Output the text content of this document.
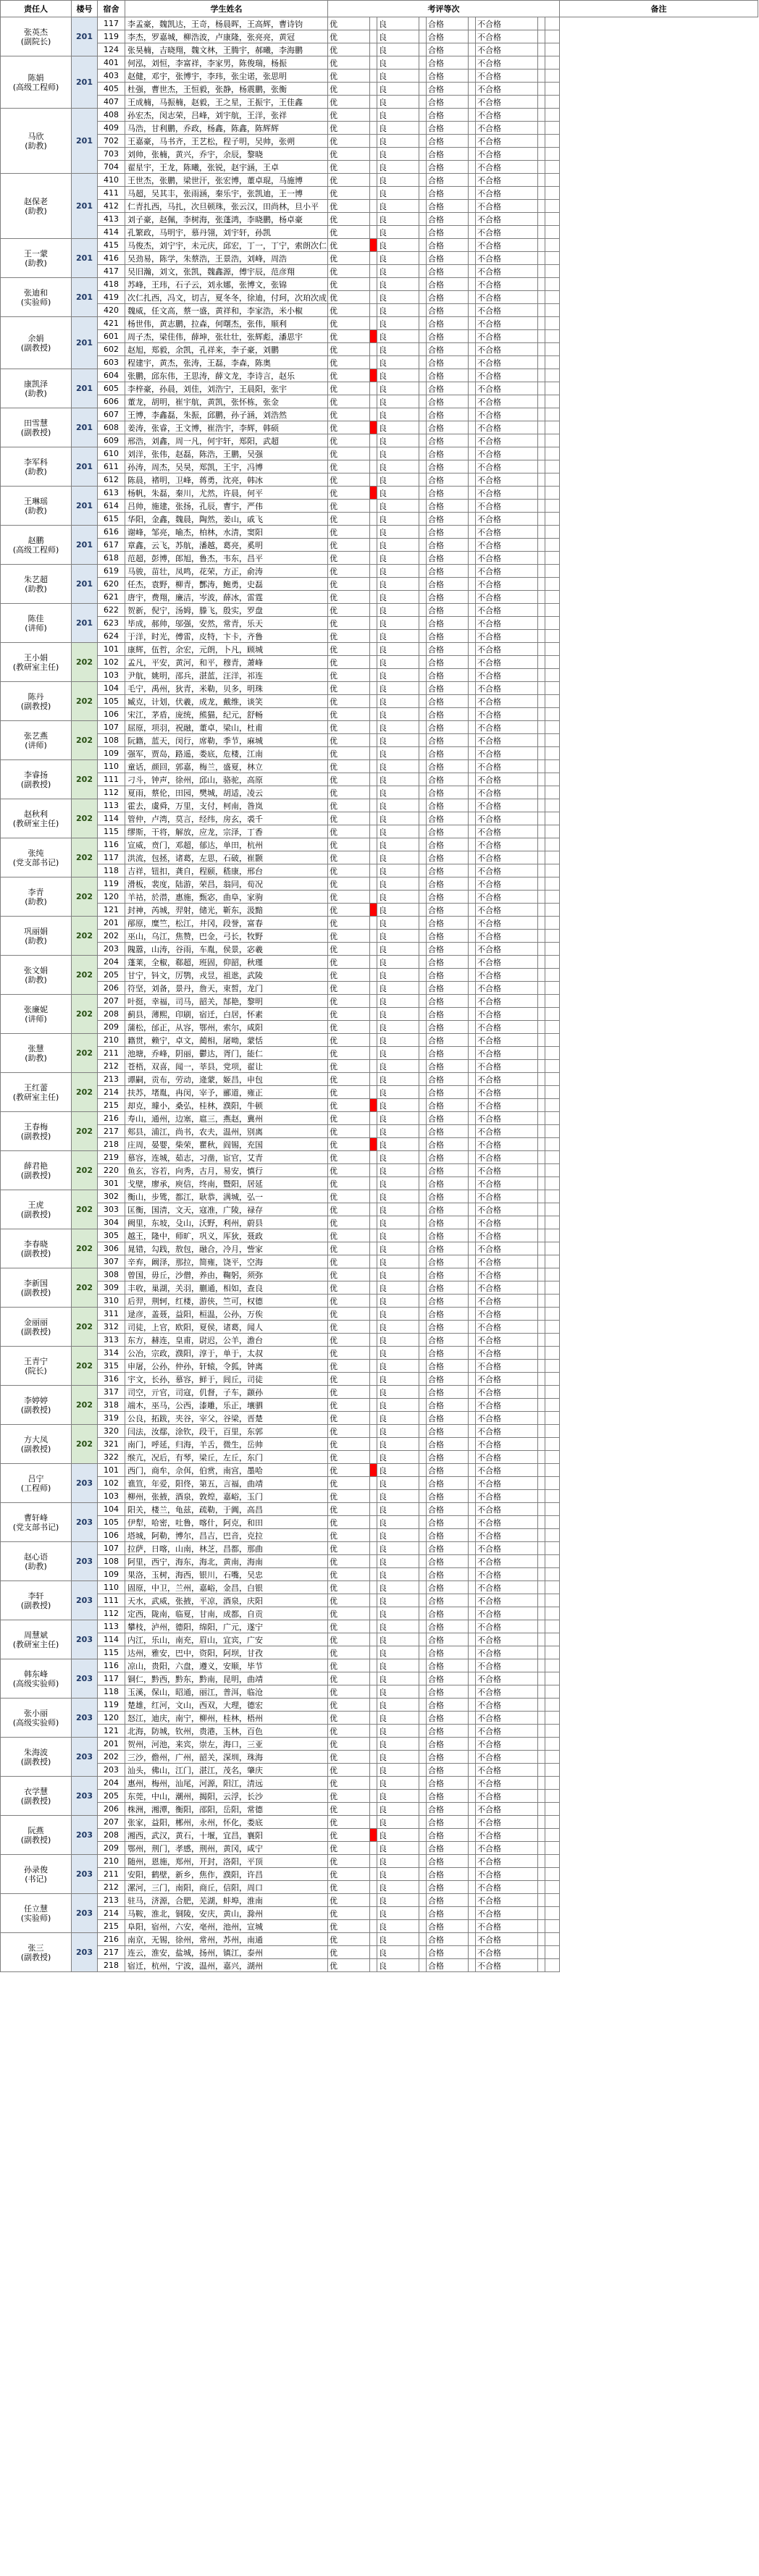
责任人	楼号	宿舍	学生姓名	考评等次									备注
张英杰
(副院长)	201	117	李孟豪，魏凯达，王奇，杨晨晖，王高辉，曹诗钧	优		良		合格		不合格			
		119	李杰，罗嘉城，柳浩波，卢康隆，张亮亮，黄冠	优		良		合格		不合格			
		124	张昊楠，吉晓翔，魏文林，王腾宇，郝曦，李海鹏	优		良		合格		不合格			
陈娟
(高级工程师)	201	401	何泓，刘恒，李富祥，李家男，陈俊瑞，杨振	优		良		合格		不合格			
		403	赵健，邓宇，张博宇，李玮，张尘诺，张思明	优		良		合格		不合格			
		405	杜强，曹世杰，王恒毅，张静，杨震鹏，张衡	优		良		合格		不合格			
		407	王成楠，马振楠，赵毅，王之星，王振宇，王佳鑫	优		良		合格		不合格			
马欣
(助教)	201	408	孙宏杰，闵志荣，吕峰，刘宇航，王洋，张祥	优		良		合格		不合格			
		409	马浩，甘利鹏，乔政，杨鑫，陈鑫，陈辉辉	优		良		合格		不合格			
		702	王嘉豪，马书齐，王艺松，程子明，吴帅，张朔	优		良		合格		不合格			
		703	刘帅，张楠，黄兴，乔宇，余辰，黎晓	优		良		合格		不合格			
		704	翟星宇，王龙，陈曦，张锐，赵宇涵，王卓	优		良		合格		不合格			
赵保老
(助教)	201	410	王世杰，张鹏，梁世汗，张宏博，董卓琨，马施博	优		良		合格		不合格			
		411	马超，吴其丰，张雨涵，秦乐宇，张凯迪，王一博	优		良		合格		不合格			
		412	仁青扎西，马扎，次旦顿珠，张云汉，田尚林，旦小平	优		良		合格		不合格			
		413	刘子豪，赵佩，李树海，张蓬鸿，李晓鹏，杨卓豪	优		良		合格		不合格			
		414	孔繁政，马明宇，慕丹翎，刘宇轩，孙凯	优		良		合格		不合格			
王一蒙
(助教)	201	415	马俊杰，刘宁宇，未元庆，邱宏，丁一，丁宁，索朗次仁	优		良		合格		不合格			
		416	吴劲易，陈学，朱蔡浩，王景浩，刘峰，周浩	优		良		合格		不合格			
		417	吴旧瀚，刘文，张凯，魏鑫源，傅宇辰，范彦翔	优		良		合格		不合格			
张迪和
(实验师)	201	418	苏峰，王玮，石子云，刘永娜，张博文，张锦	优		良		合格		不合格			
		419	次仁扎西，冯文，切吉，夏冬冬，徐迪，付珂，次珀次成	优		良		合格		不合格			
		420	魏威，任文高，蔡一盛，黄祥和，李家浩，米小椒	优		良		合格		不合格			
余娟
(副教授)	201	421	杨世伟，黄志鹏，拉森，何曙杰，张伟，顺利	优		良		合格		不合格			
		601	周子杰，梁佳伟，薛坤，张壮壮，张辉彪，潘思宇	优		良		合格		不合格			
		602	赵旭，郑毅，余凯，孔祥来，李子豪，刘鹏	优		良		合格		不合格			
		603	程建宇，黄杰，张涛，王磊，李森，陈奥	优		良		合格		不合格			
康凯泽
(助教)	201	604	张鹏，邱东伟，王思涛，薛文龙，李诗言，赵乐	优		良		合格		不合格			
		605	李梓豪，孙晨，刘佳，刘浩宁，王晨阳，张宇	优		良		合格		不合格			
		606	董龙，胡明，崔宇航，黄凯，张怀栋，张金	优		良		合格		不合格			
田雪慧
(副教授)	201	607	王博，李鑫磊，朱振，邱鹏，孙子涵，刘浩然	优		良		合格		不合格			
		608	姜涛，张睿，王文博，崔浩宇，李辉，韩硕	优		良		合格		不合格			
		609	邢浩，刘鑫，周一凡，何宇轩，郑阳，武超	优		良		合格		不合格			
李军科
(助教)	201	610	刘洋，张伟，赵磊，陈浩，王鹏，吴强	优		良		合格		不合格			
		611	孙涛，周杰，吴昊，郑凯，王宇，冯博	优		良		合格		不合格			
		612	陈晨，褚明，卫峰，蒋勇，沈亮，韩冰	优		良		合格		不合格			
王琳瑶
(助教)	201	613	杨帆，朱磊，秦川，尤然，许晨，何平	优		良		合格		不合格			
		614	吕帅，施建，张扬，孔辰，曹宇，严伟	优		良		合格		不合格			
		615	华阳，金鑫，魏晨，陶然，姜山，戚飞	优		良		合格		不合格			
赵鹏
(高级工程师)	201	616	谢峰，邹亮，喻杰，柏林，水清，窦阳	优		良		合格		不合格			
		617	章鑫，云飞，苏航，潘越，葛亮，奚明	优		良		合格		不合格			
		618	范超，彭博，郎旭，鲁杰，韦东，昌平	优		良		合格		不合格			
朱艺超
(助教)	201	619	马骏，苗壮，凤鸣，花荣，方正，俞涛	优		良		合格		不合格			
		620	任杰，袁野，柳青，酆涛，鲍勇，史磊	优		良		合格		不合格			
		621	唐宇，费翔，廉洁，岑波，薛冰，雷霆	优		良		合格		不合格			
陈佳
(讲师)	201	622	贺新，倪宁，汤姆，滕飞，殷实，罗盘	优		良		合格		不合格			
		623	毕成，郝帅，邬强，安然，常青，乐天	优		良		合格		不合格			
		624	于洋，时光，傅雷，皮特，卞卡，齐鲁	优		良		合格		不合格			
王小娟
(教研室主任)	202	101	康辉，伍哲，余宏，元朗，卜凡，顾城	优		良		合格		不合格			
		102	孟凡，平安，黄河，和平，穆青，萧峰	优		良		合格		不合格			
		103	尹航，姚明，邵兵，湛蓝，汪洋，祁连	优		良		合格		不合格			
陈丹
(副教授)	202	104	毛宁，禹州，狄青，米勒，贝多，明珠	优		良		合格		不合格			
		105	臧克，计划，伏羲，成龙，戴维，谈笑	优		良		合格		不合格			
		106	宋江，茅盾，庞统，熊猫，纪元，舒畅	优		良		合格		不合格			
张艺燕
(讲师)	202	107	屈原，项羽，祝融，董卓，梁山，杜甫	优		良		合格		不合格			
		108	阮籍，蓝天，闵行，席勒，季节，麻城	优		良		合格		不合格			
		109	强军，贾岛，路遥，娄底，危楼，江南	优		良		合格		不合格			
李睿扬
(副教授)	202	110	童话，颜回，郭嘉，梅兰，盛夏，林立	优		良		合格		不合格			
		111	刁斗，钟声，徐州，邱山，骆驼，高原	优		良		合格		不合格			
		112	夏雨，蔡伦，田园，樊城，胡适，凌云	优		良		合格		不合格			
赵秋利
(教研室主任)	202	113	霍去，虞舜，万里，支付，柯南，昝岚	优		良		合格		不合格			
		114	管仲，卢湾，莫言，经纬，房玄，裘千	优		良		合格		不合格			
		115	缪斯，干将，解放，应龙，宗泽，丁香	优		良		合格		不合格			
张纯
(党支部书记)	202	116	宣威，贲门，邓超，郁达，单田，杭州	优		良		合格		不合格			
		117	洪流，包拯，诸葛，左思，石破，崔颢	优		良		合格		不合格			
		118	吉祥，钮扣，龚自，程颐，嵇康，邢台	优		良		合格		不合格			
李青
(助教)	202	119	滑板，裴度，陆游，荣昌，翁同，荀况	优		良		合格		不合格			
		120	羊祜，於潜，惠施，甄宓，曲阜，家驹	优		良		合格		不合格			
		121	封神，芮城，羿射，储光，靳东，汲黯	优		良		合格		不合格			
巩丽娟
(助教)	202	201	邴原，糜竺，松江，井冈，段誉，富春	优		良		合格		不合格			
		202	巫山，乌江，焦赞，巴金，弓长，牧野	优		良		合格		不合格			
		203	隗嚣，山涛，谷雨，车胤，侯景，宓羲	优		良		合格		不合格			
张文娟
(助教)	202	204	蓬莱，全椒，郗超，班固，仰韶，秋瑾	优		良		合格		不合格			
		205	甘宁，钭文，厉鹗，戎昱，祖逖，武陵	优		良		合格		不合格			
		206	符坚，刘备，景丹，詹天，束皙，龙门	优		良		合格		不合格			
张廉妮
(讲师)	202	207	叶挺，幸福，司马，韶关，郜艳，黎明	优		良		合格		不合格			
		208	蓟县，薄熙，印刷，宿迁，白居，怀素	优		良		合格		不合格			
		209	蒲松，邰正，从容，鄂州，索尔，咸阳	优		良		合格		不合格			
张慧
(助教)	202	210	籍贯，赖宁，卓文，蔺相，屠呦，蒙恬	优		良		合格		不合格			
		211	池塘，乔峰，阴丽，鬱达，胥门，能仁	优		良		合格		不合格			
		212	苍梧，双喜，闻一，莘县，党项，翟让	优		良		合格		不合格			
王红蕾
(教研室主任)	202	213	谭嗣，贡布，劳动，逄蒙，姬昌，申包	优		良		合格		不合格			
		214	扶苏，堵胤，冉闵，宰予，郦道，雍正	优		良		合格		不合格			
		215	却克，璩小，桑弘，桂林，濮阳，牛顿	优		良		合格		不合格			
王春梅
(副教授)	202	216	寿山，通州，边塞，扈三，燕赵，冀州	优		良		合格		不合格			
		217	郏县，浦江，尚书，农夫，温州，别离	优		良		合格		不合格			
		218	庄周，晏婴，柴荣，瞿秋，阎锡，充国	优		良		合格		不合格			
薛君艳
(副教授)	202	219	慕容，连城，茹志，习凿，宦官，艾青	优		良		合格		不合格			
		220	鱼玄，容若，向秀，古月，易安，慎行	优		良		合格		不合格			
		301	戈壁，廖承，庾信，终南，暨阳，居延	优		良		合格		不合格			
王虎
(副教授)	202	302	衡山，步骘，都江，耿恭，满城，弘一	优		良		合格		不合格			
		303	匡衡，国清，文天，寇准，广陵，禄存	优		良		合格		不合格			
		304	阙里，东坡，殳山，沃野，利州，蔚县	优		良		合格		不合格			
李春晓
(副教授)	202	305	越王，隆中，师旷，巩义，厍狄，聂政	优		良		合格		不合格			
		306	晁错，勾践，敖包，融合，冷月，訾家	优		良		合格		不合格			
		307	辛弃，阚泽，那拉，简雍，饶平，空海	优		良		合格		不合格			
李新国
(副教授)	202	308	曾国，毋丘，沙僧，养由，鞠躬，须弥	优		良		合格		不合格			
		309	丰收，巢湖，关羽，蒯通，相如，查良	优		良		合格		不合格			
		310	后羿，荆轲，红楼，游侠，竺可，权德	优		良		合格		不合格			
金丽丽
(副教授)	202	311	逯彦，盖聂，益阳，桓温，公孙，万俟	优		良		合格		不合格			
		312	司徒，上官，欧阳，夏侯，诸葛，闻人	优		良		合格		不合格			
		313	东方，赫连，皇甫，尉迟，公羊，澹台	优		良		合格		不合格			
王青宁
(院长)	202	314	公冶，宗政，濮阳，淳于，单于，太叔	优		良		合格		不合格			
		315	申屠，公孙，仲孙，轩辕，令狐，钟离	优		良		合格		不合格			
		316	宇文，长孙，慕容，鲜于，闾丘，司徒	优		良		合格		不合格			
李婷婷
(副教授)	202	317	司空，亓官，司寇，仉督，子车，颛孙	优		良		合格		不合格			
		318	端木，巫马，公西，漆雕，乐正，壤驷	优		良		合格		不合格			
		319	公良，拓跋，夹谷，宰父，谷梁，晋楚	优		良		合格		不合格			
方大凤
(副教授)	202	320	闫法，汝鄢，涂钦，段干，百里，东郭	优		良		合格		不合格			
		321	南门，呼延，归海，羊舌，微生，岳帅	优		良		合格		不合格			
		322	缑亢，况后，有琴，梁丘，左丘，东门	优		良		合格		不合格			
吕宁
(工程师)	203	101	西门，商牟，佘佴，伯赏，南宫，墨哈	优		良		合格		不合格			
		102	谯笪，年爱，阳佟，第五，言福，曲靖	优		良		合格		不合格			
		103	柳州，张掖，酒泉，敦煌，嘉峪，玉门	优		良		合格		不合格			
曹轩峰
(党支部书记)	203	104	阳关，楼兰，龟兹，疏勒，于阗，高昌	优		良		合格		不合格			
		105	伊犁，哈密，吐鲁，喀什，阿克，和田	优		良		合格		不合格			
		106	塔城，阿勒，博尔，昌吉，巴音，克拉	优		良		合格		不合格			
赵心语
(助教)	203	107	拉萨，日喀，山南，林芝，昌都，那曲	优		良		合格		不合格			
		108	阿里，西宁，海东，海北，黄南，海南	优		良		合格		不合格			
		109	果洛，玉树，海西，银川，石嘴，吴忠	优		良		合格		不合格			
李轩
(副教授)	203	110	固原，中卫，兰州，嘉峪，金昌，白银	优		良		合格		不合格			
		111	天水，武威，张掖，平凉，酒泉，庆阳	优		良		合格		不合格			
		112	定西，陇南，临夏，甘南，成都，自贡	优		良		合格		不合格			
周慧斌
(教研室主任)	203	113	攀枝，泸州，德阳，绵阳，广元，遂宁	优		良		合格		不合格			
		114	内江，乐山，南充，眉山，宜宾，广安	优		良		合格		不合格			
		115	达州，雅安，巴中，资阳，阿坝，甘孜	优		良		合格		不合格			
韩东峰
(高级实验师)	203	116	凉山，贵阳，六盘，遵义，安顺，毕节	优		良		合格		不合格			
		117	铜仁，黔西，黔东，黔南，昆明，曲靖	优		良		合格		不合格			
		118	玉溪，保山，昭通，丽江，普洱，临沧	优		良		合格		不合格			
张小丽
(高级实验师)	203	119	楚雄，红河，文山，西双，大理，德宏	优		良		合格		不合格			
		120	怒江，迪庆，南宁，柳州，桂林，梧州	优		良		合格		不合格			
		121	北海，防城，钦州，贵港，玉林，百色	优		良		合格		不合格			
朱海波
(副教授)	203	201	贺州，河池，来宾，崇左，海口，三亚	优		良		合格		不合格			
		202	三沙，儋州，广州，韶关，深圳，珠海	优		良		合格		不合格			
		203	汕头，佛山，江门，湛江，茂名，肇庆	优		良		合格		不合格			
衣学慧
(副教授)	203	204	惠州，梅州，汕尾，河源，阳江，清远	优		良		合格		不合格			
		205	东莞，中山，潮州，揭阳，云浮，长沙	优		良		合格		不合格			
		206	株洲，湘潭，衡阳，邵阳，岳阳，常德	优		良		合格		不合格			
阮燕
(副教授)	203	207	张家，益阳，郴州，永州，怀化，娄底	优		良		合格		不合格			
		208	湘西，武汉，黄石，十堰，宜昌，襄阳	优		良		合格		不合格			
		209	鄂州，荆门，孝感，荆州，黄冈，咸宁	优		良		合格		不合格			
孙录俊
(书记)	203	210	随州，恩施，郑州，开封，洛阳，平顶	优		良		合格		不合格			
		211	安阳，鹤壁，新乡，焦作，濮阳，许昌	优		良		合格		不合格			
		212	漯河，三门，南阳，商丘，信阳，周口	优		良		合格		不合格			
任立慧
(实验师)	203	213	驻马，济源，合肥，芜湖，蚌埠，淮南	优		良		合格		不合格			
		214	马鞍，淮北，铜陵，安庆，黄山，滁州	优		良		合格		不合格			
		215	阜阳，宿州，六安，亳州，池州，宣城	优		良		合格		不合格			
张三
(副教授)	203	216	南京，无锡，徐州，常州，苏州，南通	优		良		合格		不合格			
		217	连云，淮安，盐城，扬州，镇江，泰州	优		良		合格		不合格			
		218	宿迁，杭州，宁波，温州，嘉兴，湖州	优		良		合格		不合格			
